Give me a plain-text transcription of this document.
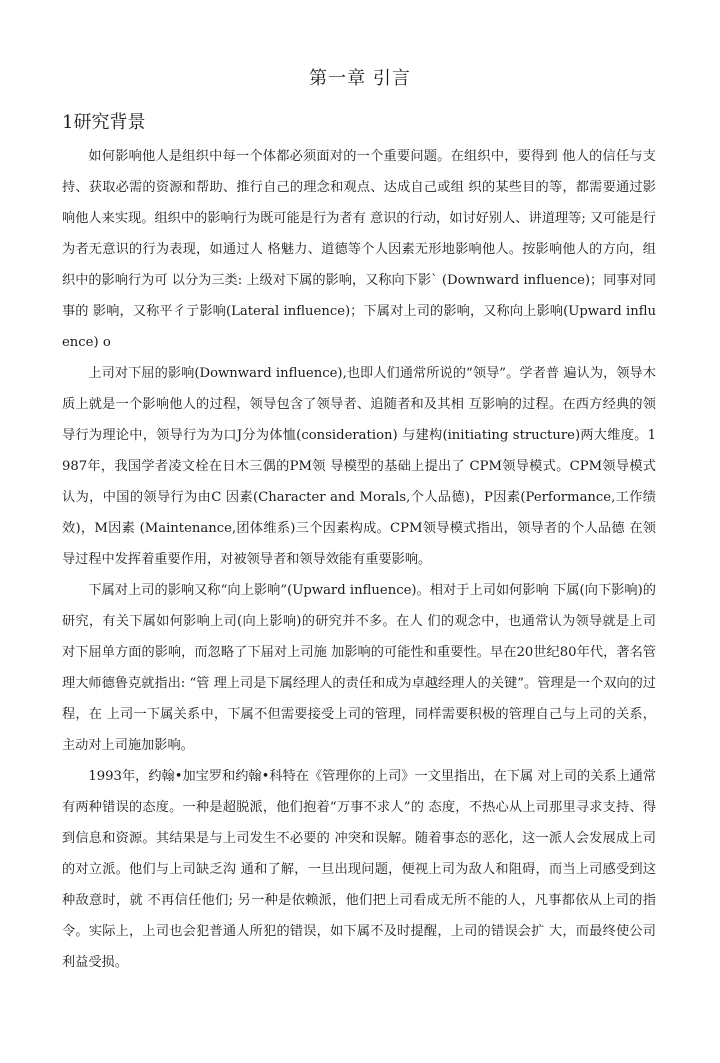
第一章 引言
1研究背景

如何影响他人是组织中每一个体都必须面对的一个重要问题。在组织中，要得到 他人的信任与支持、获取必需的资源和帮助、推行自己的理念和观点、达成自己或组 织的某些目的等，都需要通过影响他人来实现。组织中的影响行为既可能是行为者有 意识的行动，如讨好别人、讲道理等; 又可能是行为者无意识的行为表现，如通过人 格魅力、道德等个人因素无形地影响他人。按影响他人的方向，组织中的影响行为可 以分为三类: 上级对下属的影响，又称向下影` (Downward influence)；同事对同事的 影响，又称平彳亍影响(Lateral influence)；下属对上司的影响，又称向上影响(Upward influence) o

上司对下屈的影响(Downward influence),也即人们通常所说的“领导”。学者普 遍认为，领导木质上就是一个影响他人的过程，领导包含了领导者、追随者和及其相 互影响的过程。在西方经典的领导行为理论中，领导行为为口J分为体恤(consideration) 与建构(initiating structure)两大维度。1987年，我国学者凌文栓在日木三偶的PM领 导模型的基础上提出了 CPM领导模式。CPM领导模式认为，中国的领导行为由C 因素(Character and Morals,个人品德)，P因素(Performance,工作绩效)，M因素 (Maintenance,团体维系)三个因素构成。CPM领导模式指出，领导者的个人品德 在领导过程中发挥着重要作用，对被领导者和领导效能有重要影响。

下属对上司的影响又称“向上影响”(Upward influence)。相对于上司如何影响 下属(向下影响)的研究，有关下属如何影响上司(向上影响)的研究并不多。在人 们的观念中，也通常认为领导就是上司对下屈单方面的影响，而忽略了下届对上司施 加影响的可能性和重要性。早在20世纪80年代，著名管理大师德鲁克就指出: “管 理上司是下属经理人的责任和成为卓越经理人的关键”。管理是一个双向的过程，在 上司一下属关系中，下属不但需要接受上司的管理，同样需要积极的管理自己与上司的关系，主动对上司施加影响。

1993年，约翰•加宝罗和约翰•科特在《管理你的上司》一文里指出，在下属 对上司的关系上通常有两种错误的态度。一种是超脱派，他们抱着“万事不求人”的 态度，不热心从上司那里寻求支持、得到信息和资源。其结果是与上司发生不必要的 冲突和误解。随着事态的恶化，这一派人会发展成上司的对立派。他们与上司缺乏沟 通和了解，一旦出现问题，便视上司为敌人和阻碍，而当上司感受到这种敌意时，就 不再信任他们; 另一种是依赖派，他们把上司看成无所不能的人，凡事都依从上司的指令。实际上，上司也会犯普通人所犯的错误，如下属不及时提醒，上司的错误会扩 大，而最终使公司利益受损。
